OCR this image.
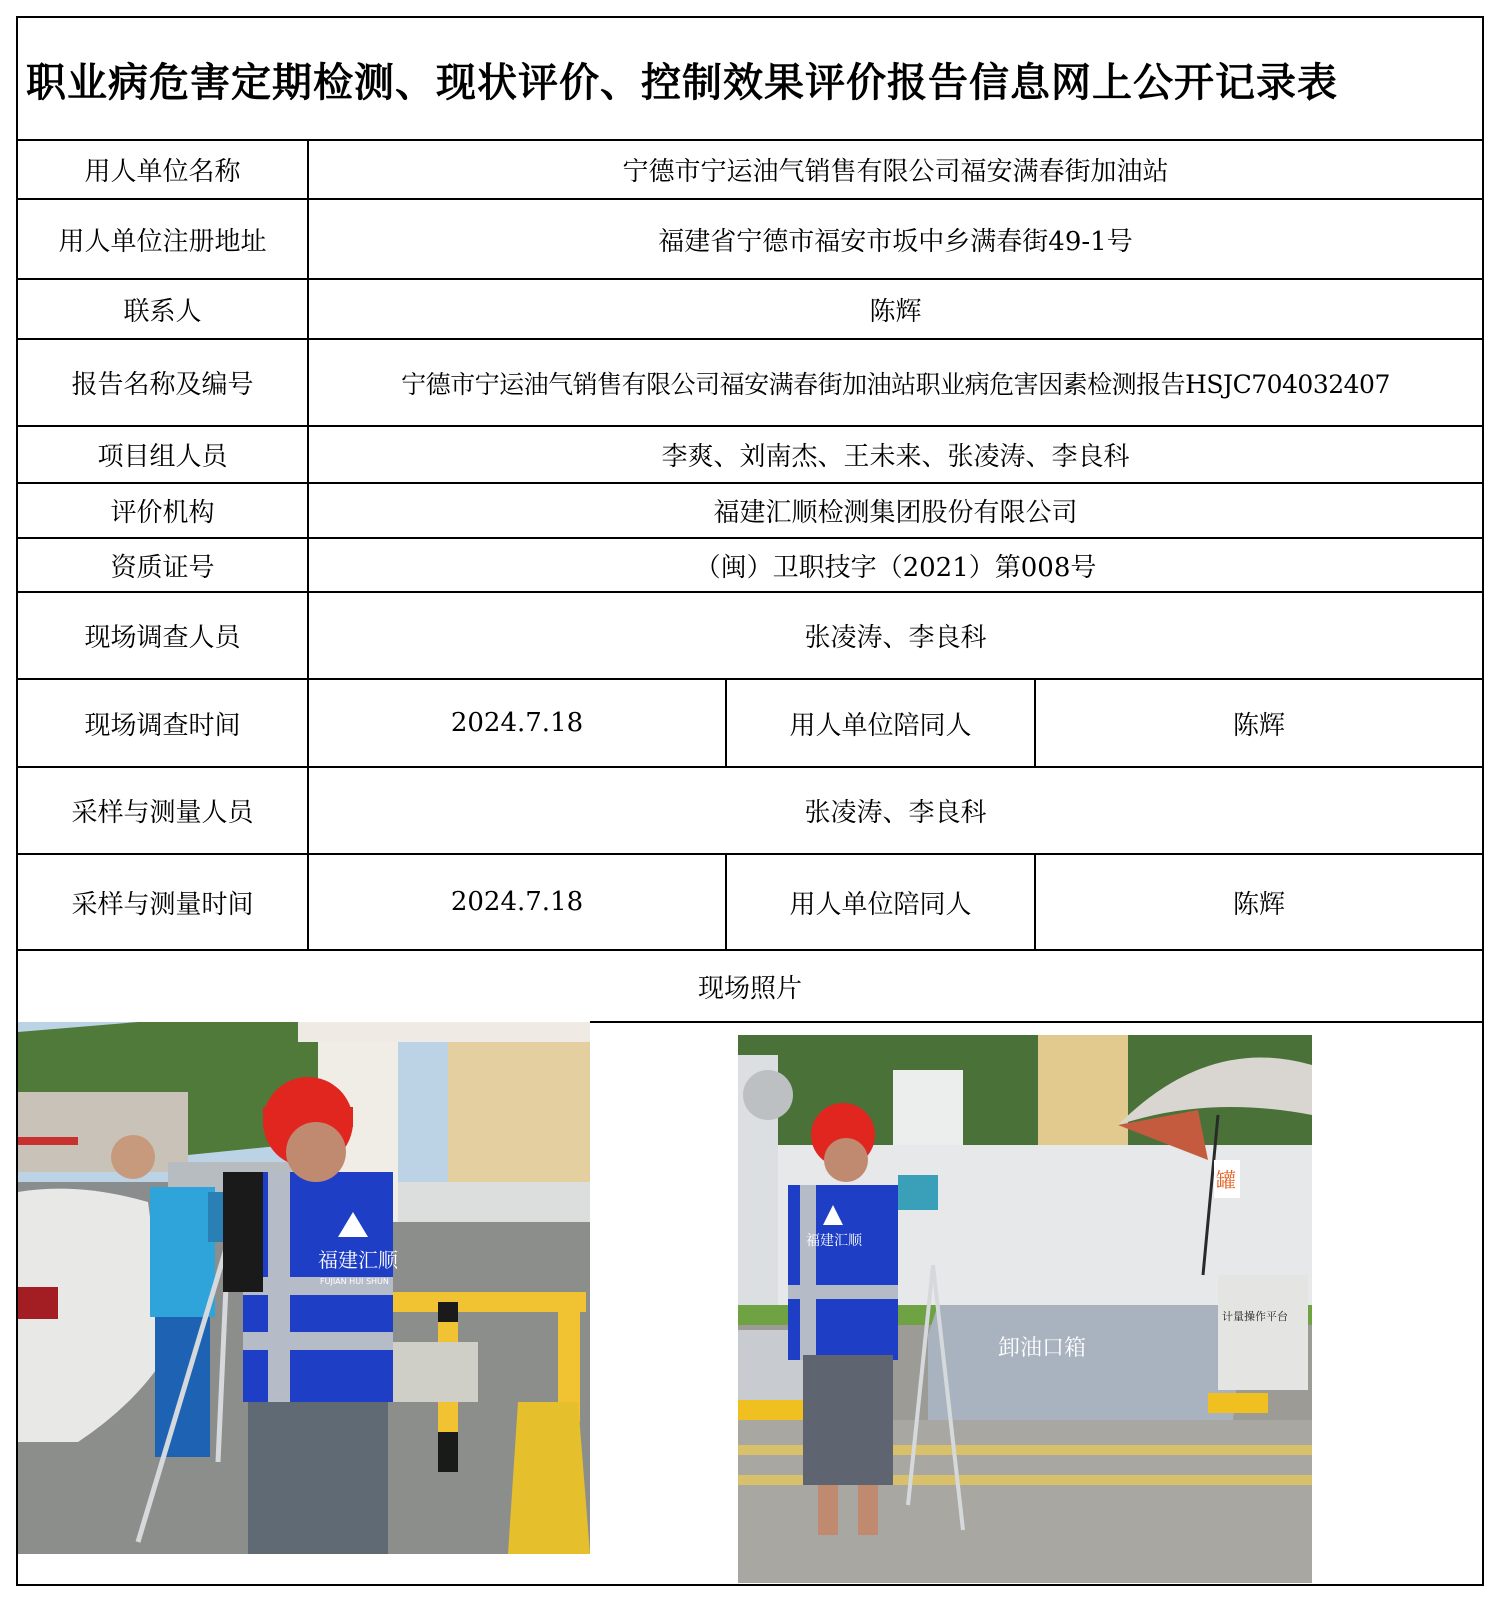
职业病危害定期检测、现状评价、控制效果评价报告信息网上公开记录表
用人单位名称	宁德市宁运油气销售有限公司福安满春街加油站
用人单位注册地址	福建省宁德市福安市坂中乡满春街49-1号
联系人	陈辉
报告名称及编号	宁德市宁运油气销售有限公司福安满春街加油站职业病危害因素检测报告HSJC704032407
项目组人员	李爽、刘南杰、王未来、张凌涛、李良科
评价机构	福建汇顺检测集团股份有限公司
资质证号	（闽）卫职技字（2021）第008号
现场调查人员	张凌涛、李良科
现场调查时间	2024.7.18	用人单位陪同人	陈辉
采样与测量人员	张凌涛、李良科
采样与测量时间	2024.7.18	用人单位陪同人	陈辉
现场照片
福建汇顺
FUJIAN HUI SHUN
卸油口箱
计量操作平台
罐
福建汇顺
